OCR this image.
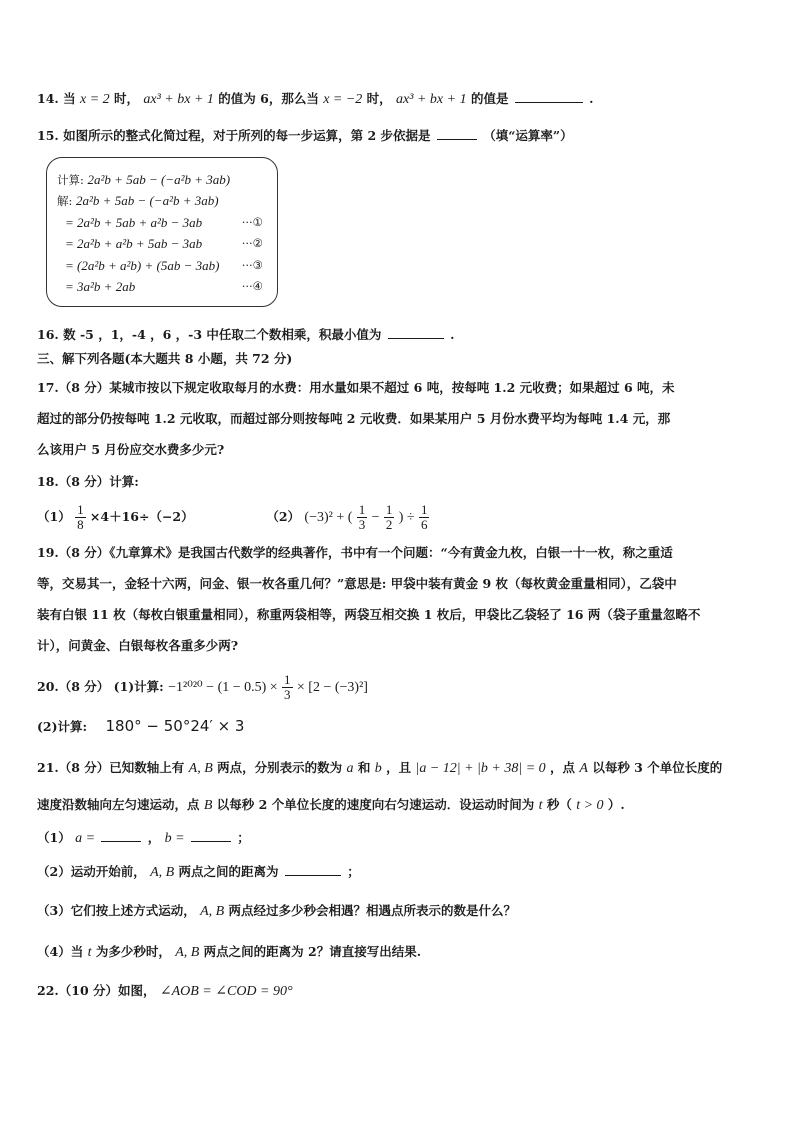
14. 当 x = 2 时， ax³ + bx + 1 的值为 6，那么当 x = −2 时， ax³ + bx + 1 的值是	.
15. 如图所示的整式化简过程，对于所列的每一步运算，第 2 步依据是	（填“运算率”）
计算: 2a²b + 5ab − (−a²b + 3ab)
解: 2a²b + 5ab − (−a²b + 3ab)
= 2a²b + 5ab + a²b − 3ab	···①
= 2a²b + a²b + 5ab − 3ab	···②
= (2a²b + a²b) + (5ab − 3ab) ···③
= 3a²b + 2ab	···④
16. 数 -5 ，1，-4 ，6 ，-3 中任取二个数相乘，积最小值为	.
三、解下列各题(本大题共 8 小题，共 72 分)
17.（8 分）某城市按以下规定收取每月的水费：用水量如果不超过 6 吨，按每吨 1.2 元收费；如果超过 6 吨，未
超过的部分仍按每吨 1.2 元收取，而超过部分则按每吨 2 元收费．如果某用户 5 月份水费平均为每吨 1.4 元，那
么该用户 5 月份应交水费多少元?
18.（8 分）计算:
$(1) \frac{1}{8} \times 4+16\div(-2)$	（2） (−3)² + ( $\frac{1}{3} - \frac{1}{2}$ ) ÷ $\frac{1}{6}$
19.（8 分）《九章算术》是我国古代数学的经典著作，书中有一个问题：“今有黄金九枚，白银一十一枚，称之重适
等，交易其一，金轻十六两，问金、银一枚各重几何？”意思是: 甲袋中装有黄金 9 枚（每枚黄金重量相同），乙袋中
装有白银 11 枚（每枚白银重量相同），称重两袋相等，两袋互相交换 1 枚后，甲袋比乙袋轻了 16 两（袋子重量忽略不
计），问黄金、白银每枚各重多少两?
20.（8 分） (1)计算: $-1^{2020} - (1 - 0.5) \times \frac{1}{3} \times [2 - (-3)^2]$
(2)计算: 180° − 50°24′ × 3
21.（8 分）已知数轴上有 A, B 两点，分别表示的数为 a 和 b ，且 |a − 12| + |b + 38| = 0 ，点 A 以每秒 3 个单位长度的
速度沿数轴向左匀速运动，点 B 以每秒 2 个单位长度的速度向右匀速运动．设运动时间为 t 秒（ t > 0 ）.
（1） a =	， b =	；
（2）运动开始前， A, B 两点之间的距离为	；
（3）它们按上述方式运动， A, B 两点经过多少秒会相遇？相遇点所表示的数是什么？
（4）当 t 为多少秒时， A, B 两点之间的距离为 2？请直接写出结果.
22.（10 分）如图， ∠AOB = ∠COD = 90°
